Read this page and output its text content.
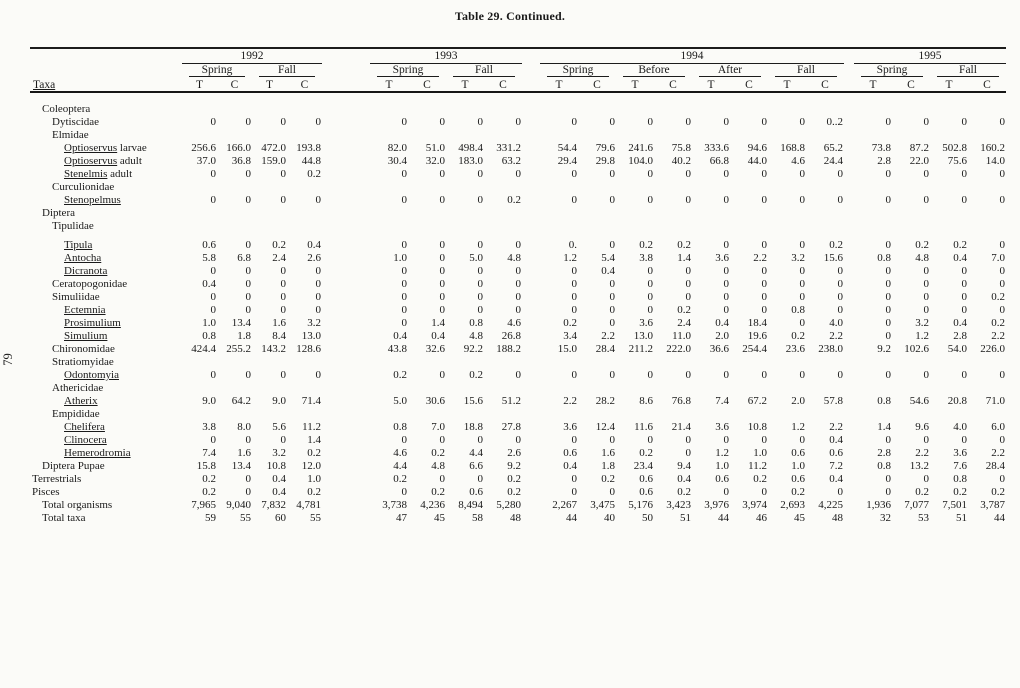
Table 29. Continued.
79

	1992					1993					1994									1995			

	Spring		Fall			Spring		Fall			Spring		Before		After		Fall			Spring		Fall	

Taxa	T	C	T	C		T	C	T	C		T	C	T	C	T	C	T	C		T	C	T	C
Coleoptera																							
Dytiscidae	0	0	0	0		0	0	0	0		0	0	0	0	0	0	0	0..2		0	0	0	0
Elmidae																							
Optioservus larvae	256.6	166.0	472.0	193.8		82.0	51.0	498.4	331.2		54.4	79.6	241.6	75.8	333.6	94.6	168.8	65.2		73.8	87.2	502.8	160.2
Optioservus adult	37.0	36.8	159.0	44.8		30.4	32.0	183.0	63.2		29.4	29.8	104.0	40.2	66.8	44.0	4.6	24.4		2.8	22.0	75.6	14.0
Stenelmis adult	0	0	0	0.2		0	0	0	0		0	0	0	0	0	0	0	0		0	0	0	0
Curculionidae																							
Stenopelmus	0	0	0	0		0	0	0	0.2		0	0	0	0	0	0	0	0		0	0	0	0
Diptera																							
Tipulidae																							
Tipula	0.6	0	0.2	0.4		0	0	0	0		0.	0	0.2	0.2	0	0	0	0.2		0	0.2	0.2	0
Antocha	5.8	6.8	2.4	2.6		1.0	0	5.0	4.8		1.2	5.4	3.8	1.4	3.6	2.2	3.2	15.6		0.8	4.8	0.4	7.0
Dicranota	0	0	0	0		0	0	0	0		0	0.4	0	0	0	0	0	0		0	0	0	0
Ceratopogonidae	0.4	0	0	0		0	0	0	0		0	0	0	0	0	0	0	0		0	0	0	0
Simuliidae	0	0	0	0		0	0	0	0		0	0	0	0	0	0	0	0		0	0	0	0.2
Ectemnia	0	0	0	0		0	0	0	0		0	0	0	0.2	0	0	0.8	0		0	0	0	0
Prosimulium	1.0	13.4	1.6	3.2		0	1.4	0.8	4.6		0.2	0	3.6	2.4	0.4	18.4	0	4.0		0	3.2	0.4	0.2
Simulium	0.8	1.8	8.4	13.0		0.4	0.4	4.8	26.8		3.4	2.2	13.0	11.0	2.0	19.6	0.2	2.2		0	1.2	2.8	2.2
Chironomidae	424.4	255.2	143.2	128.6		43.8	32.6	92.2	188.2		15.0	28.4	211.2	222.0	36.6	254.4	23.6	238.0		9.2	102.6	54.0	226.0
Stratiomyidae																							
Odontomyia	0	0	0	0		0.2	0	0.2	0		0	0	0	0	0	0	0	0		0	0	0	0
Athericidae																							
Atherix	9.0	64.2	9.0	71.4		5.0	30.6	15.6	51.2		2.2	28.2	8.6	76.8	7.4	67.2	2.0	57.8		0.8	54.6	20.8	71.0
Empididae																							
Chelifera	3.8	8.0	5.6	11.2		0.8	7.0	18.8	27.8		3.6	12.4	11.6	21.4	3.6	10.8	1.2	2.2		1.4	9.6	4.0	6.0
Clinocera	0	0	0	1.4		0	0	0	0		0	0	0	0	0	0	0	0.4		0	0	0	0
Hemerodromia	7.4	1.6	3.2	0.2		4.6	0.2	4.4	2.6		0.6	1.6	0.2	0	1.2	1.0	0.6	0.6		2.8	2.2	3.6	2.2
Diptera Pupae	15.8	13.4	10.8	12.0		4.4	4.8	6.6	9.2		0.4	1.8	23.4	9.4	1.0	11.2	1.0	7.2		0.8	13.2	7.6	28.4
Terrestrials	0.2	0	0.4	1.0		0.2	0	0	0.2		0	0.2	0.6	0.4	0.6	0.2	0.6	0.4		0	0	0.8	0
Pisces	0.2	0	0.4	0.2		0	0.2	0.6	0.2		0	0	0.6	0.2	0	0	0.2	0		0	0.2	0.2	0.2
Total organisms	7,965	9,040	7,832	4,781		3,738	4,236	8,494	5,280		2,267	3,475	5,176	3,423	3,976	3,974	2,693	4,225		1,936	7,077	7,501	3,787
Total taxa	59	55	60	55		47	45	58	48		44	40	50	51	44	46	45	48		32	53	51	44
